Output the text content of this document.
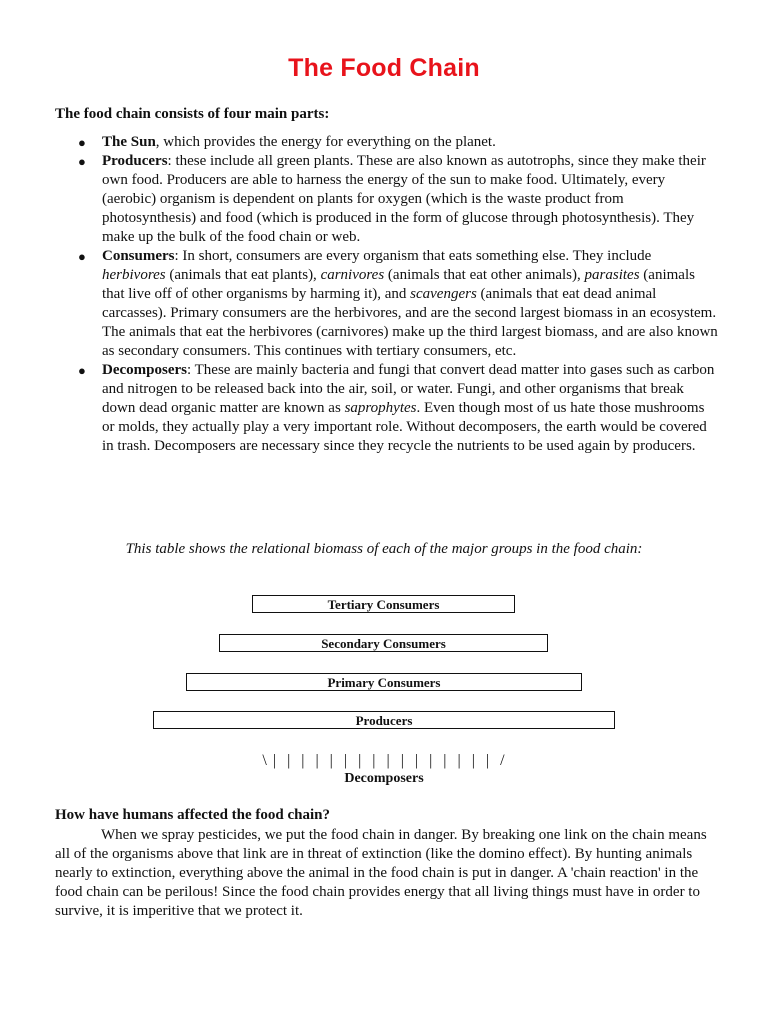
The Food Chain
The food chain consists of four main parts:
● The Sun, which provides the energy for everything on the planet.
● Producers: these include all green plants. These are also known as autotrophs, since they make their own food. Producers are able to harness the energy of the sun to make food. Ultimately, every (aerobic) organism is dependent on plants for oxygen (which is the waste product from photosynthesis) and food (which is produced in the form of glucose through photosynthesis). They make up the bulk of the food chain or web.
● Consumers: In short, consumers are every organism that eats something else. They include herbivores (animals that eat plants), carnivores (animals that eat other animals), parasites (animals that live off of other organisms by harming it), and scavengers (animals that eat dead animal carcasses). Primary consumers are the herbivores, and are the second largest biomass in an ecosystem. The animals that eat the herbivores (carnivores) make up the third largest biomass, and are also known as secondary consumers. This continues with tertiary consumers, etc.
● Decomposers: These are mainly bacteria and fungi that convert dead matter into gases such as carbon and nitrogen to be released back into the air, soil, or water. Fungi, and other organisms that break down dead organic matter are known as saprophytes. Even though most of us hate those mushrooms or molds, they actually play a very important role. Without decomposers, the earth would be covered in trash. Decomposers are necessary since they recycle the nutrients to be used again by producers.
This table shows the relational biomass of each of the major groups in the food chain:
Tertiary Consumers
Secondary Consumers
Primary Consumers
Producers
\ |  |  |  |  |  |  |  |  |  |  |  |  |  |  |  |  /
Decomposers
How have humans affected the food chain?
When we spray pesticides, we put the food chain in danger. By breaking one link on the chain means all of the organisms above that link are in threat of extinction (like the domino effect). By hunting animals nearly to extinction, everything above the animal in the food chain is put in danger. A 'chain reaction' in the food chain can be perilous! Since the food chain provides energy that all living things must have in order to survive, it is imperitive that we protect it.
